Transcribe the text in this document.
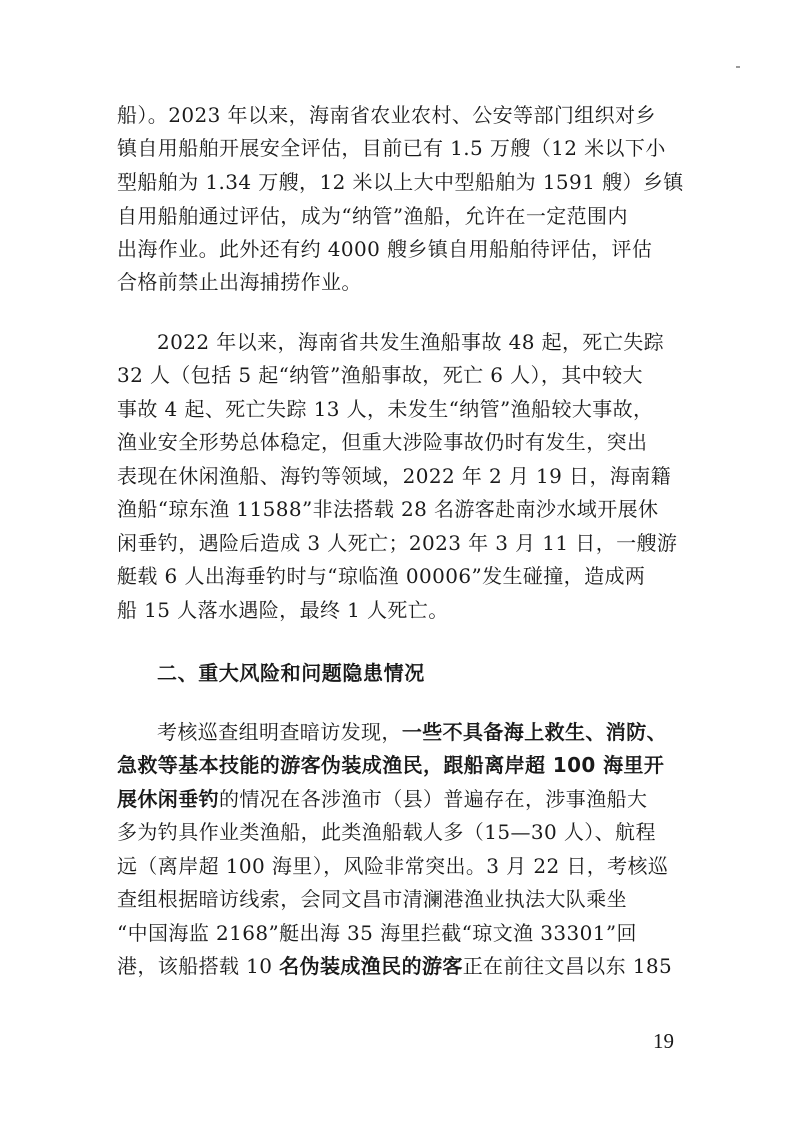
船）。2023 年以来，海南省农业农村、公安等部门组织对乡
镇自用船舶开展安全评估，目前已有 1.5 万艘（12 米以下小
型船舶为 1.34 万艘，12 米以上大中型船舶为 1591 艘）乡镇
自用船舶通过评估，成为“纳管”渔船，允许在一定范围内
出海作业。此外还有约 4000 艘乡镇自用船舶待评估，评估
合格前禁止出海捕捞作业。
2022 年以来，海南省共发生渔船事故 48 起，死亡失踪
32 人（包括 5 起“纳管”渔船事故，死亡 6 人），其中较大
事故 4 起、死亡失踪 13 人，未发生“纳管”渔船较大事故，
渔业安全形势总体稳定，但重大涉险事故仍时有发生，突出
表现在休闲渔船、海钓等领域，2022 年 2 月 19 日，海南籍
渔船“琼东渔 11588”非法搭载 28 名游客赴南沙水域开展休
闲垂钓，遇险后造成 3 人死亡；2023 年 3 月 11 日，一艘游
艇载 6 人出海垂钓时与“琼临渔 00006”发生碰撞，造成两
船 15 人落水遇险，最终 1 人死亡。
二、重大风险和问题隐患情况
考核巡查组明查暗访发现，一些不具备海上救生、消防、
急救等基本技能的游客伪装成渔民，跟船离岸超 100 海里开
展休闲垂钓的情况在各涉渔市（县）普遍存在，涉事渔船大
多为钓具作业类渔船，此类渔船载人多（15—30 人）、航程
远（离岸超 100 海里），风险非常突出。3 月 22 日，考核巡
查组根据暗访线索，会同文昌市清澜港渔业执法大队乘坐
“中国海监 2168”艇出海 35 海里拦截“琼文渔 33301”回
港，该船搭载 10 名伪装成渔民的游客正在前往文昌以东 185
19
